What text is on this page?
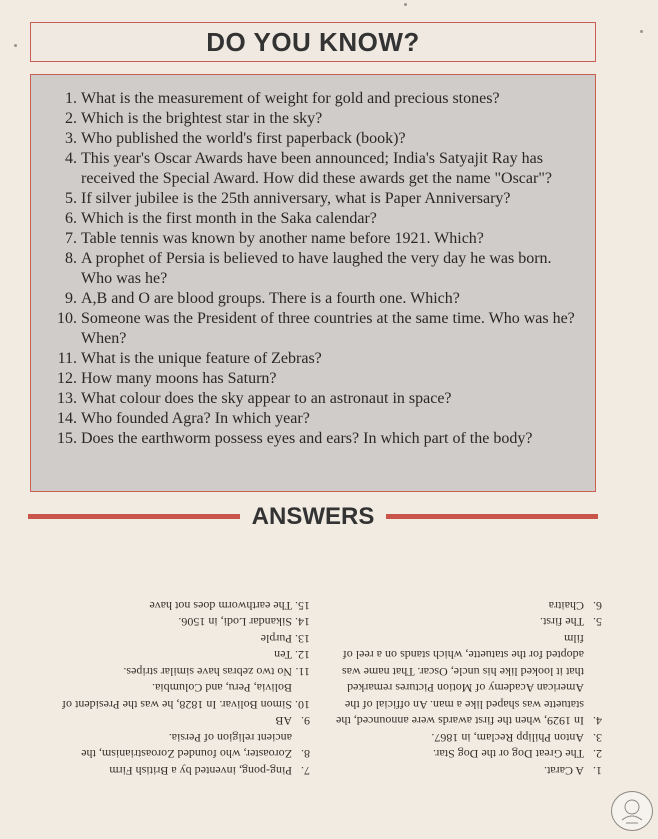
DO YOU KNOW?
1. What is the measurement of weight for gold and precious stones?
2. Which is the brightest star in the sky?
3. Who published the world's first paperback (book)?
4. This year's Oscar Awards have been announced; India's Satyajit Ray has received the Special Award. How did these awards get the name "Oscar"?
5. If silver jubilee is the 25th anniversary, what is Paper Anniversary?
6. Which is the first month in the Saka calendar?
7. Table tennis was known by another name before 1921. Which?
8. A prophet of Persia is believed to have laughed the very day he was born. Who was he?
9. A,B and O are blood groups. There is a fourth one. Which?
10. Someone was the President of three countries at the same time. Who was he? When?
11. What is the unique feature of Zebras?
12. How many moons has Saturn?
13. What colour does the sky appear to an astronaut in space?
14. Who founded Agra? In which year?
15. Does the earthworm possess eyes and ears? In which part of the body?
ANSWERS
1.
A Carat.
2.
The Great Dog or the Dog Star.
3.
Anton Philipp Reclam, in 1867.
4.
In 1929, when the first awards were announced, the statuette was shaped like a man. An official of the American Academy of Motion Pictures remarked that it looked like his uncle, Oscar. That name was adopted for the statuette, which stands on a reel of film
5.
The first.
6.
Chaitra
7.
Ping-pong, invented by a British Firm
8.
Zoroaster, who founded Zoroastrianism, the ancient religion of Persia.
9.
AB
10.
Simon Bolivar. In 1828, he was the President of Bolivia, Peru, and Columbia.
11.
No two zebras have similar stripes.
12.
Ten
13.
Purple
14.
Sikandar Lodi, in 1506.
15.
The earthworm does not have
